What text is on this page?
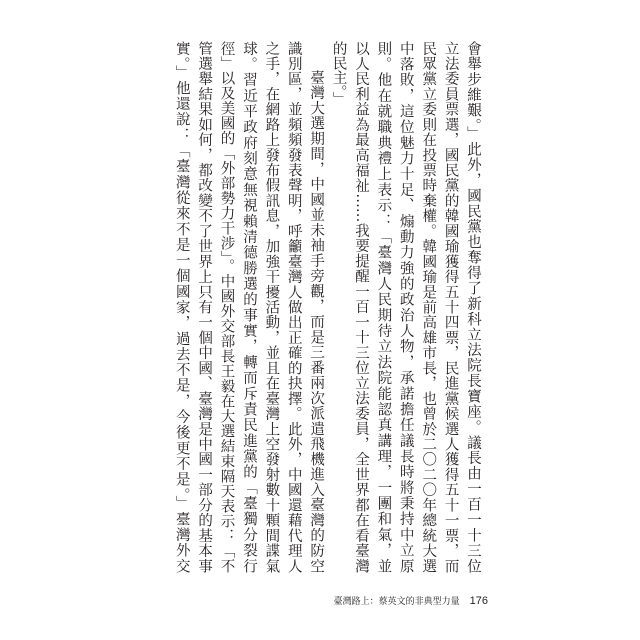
會舉步維艱。」此外，國民黨也奪得了新科立法院長寶座。議長由一百一十三位

立法委員票選，國民黨的韓國瑜獲得五十四票，民進黨候選人獲得五十一票，而

民眾黨立委則在投票時棄權。韓國瑜是前高雄市長，也曾於二〇二〇年總統大選

中落敗，這位魅力十足、煽動力強的政治人物，承諾擔任議長時將秉持中立原

則。他在就職典禮上表示：「臺灣人民期待立法院能認真講理，一團和氣，並

以人民利益為最高福祉……我要提醒一百一十三位立法委員，全世界都在看臺灣

的民主。」

臺灣大選期間，中國並未袖手旁觀，而是三番兩次派遣飛機進入臺灣的防空

識別區，並頻頻發表聲明，呼籲臺灣人做出正確的抉擇。此外，中國還藉代理人

之手，在網路上發布假訊息，加強干擾活動，並且在臺灣上空發射數十顆間諜氣

球。習近平政府刻意無視賴清德勝選的事實，轉而斥責民進黨的「臺獨分裂行

徑」以及美國的「外部勢力干涉」。中國外交部長王毅在大選結束隔天表示：「不

管選舉結果如何，都改變不了世界上只有一個中國、臺灣是中國一部分的基本事

實。」他還說：「臺灣從來不是一個國家，過去不是，今後更不是。」臺灣外交

臺灣路上：蔡英文的非典型力量 176
